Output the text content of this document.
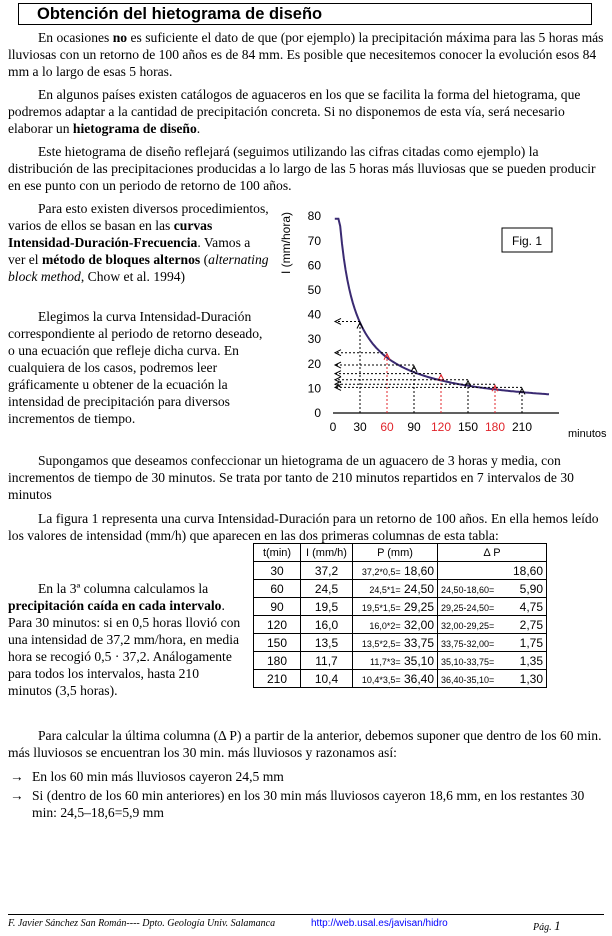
Obtención del hietograma de diseño

En ocasiones no es suficiente el dato de que (por ejemplo) la precipitación máxima para las 5 horas más lluviosas con un retorno de 100 años es de 84 mm. Es posible que necesitemos conocer la evolución esos 84 mm a lo largo de esas 5 horas.

En algunos países existen catálogos de aguaceros en los que se facilita la forma del hietograma, que podremos adaptar a la cantidad de precipitación concreta. Si no disponemos de esta vía, será necesario elaborar un hietograma de diseño.

Este hietograma de diseño reflejará (seguimos utilizando las cifras citadas como ejemplo) la distribución de las precipitaciones producidas a lo largo de las 5 horas más lluviosas que se pueden producir en ese punto con un periodo de retorno de 100 años.

Para esto existen diversos procedimientos, varios de ellos se basan en las curvas Intensidad-Duración-Frecuencia. Vamos a ver el método de bloques alternos (alternating block method, Chow et al. 1994)

Elegimos la curva Intensidad-Duración correspondiente al periodo de retorno deseado, o una ecuación que refleje dicha curva. En cualquiera de los casos, podremos leer gráficamente u obtener de la ecuación la intensidad de precipitación para diversos incrementos de tiempo.

I (mm/hora)
0
10
20
30
40
50
60
70
80
0 30 60 90 120 150 180 210
Fig. 1
minutos

Supongamos que deseamos confeccionar un hietograma de un aguacero de 3 horas y media, con incrementos de tiempo de 30 minutos. Se trata por tanto de 210 minutos repartidos en 7 intervalos de 30 minutos

La figura 1 representa una curva Intensidad-Duración para un retorno de 100 años. En ella hemos leído los valores de intensidad (mm/h) que aparecen en las dos primeras columnas de esta tabla:

En la 3ª columna calculamos la precipitación caída en cada intervalo. Para 30 minutos: si en 0,5 horas llovió con una intensidad de 37,2 mm/hora, en media hora se recogió 0,5 · 37,2. Análogamente para todos los intervalos, hasta 210 minutos (3,5 horas).

t(min)	I (mm/h)	P (mm)	Δ P
30	37,2	37,2*0,5= 18,60	18,60

60	24,5	24,5*1= 24,50	24,50-18,60= 5,90

90	19,5	19,5*1,5= 29,25	29,25-24,50= 4,75

120	16,0	16,0*2= 32,00	32,00-29,25= 2,75

150	13,5	13,5*2,5= 33,75	33,75-32,00= 1,75

180	11,7	11,7*3= 35,10	35,10-33,75= 1,35

210	10,4	10,4*3,5= 36,40	36,40-35,10= 1,30

Para calcular la última columna (Δ P) a partir de la anterior, debemos suponer que dentro de los 60 min. más lluviosos se encuentran los 30 min. más lluviosos y razonamos así:

→ En los 60 min más lluviosos cayeron 24,5 mm
→ Si (dentro de los 60 min anteriores) en los 30 min más lluviosos cayeron 18,6 mm, en los restantes 30 min: 24,5–18,6=5,9 mm
F. Javier Sánchez San Román---- Dpto. Geología Univ. Salamanca	http://web.usal.es/javisan/hidro	Pág. 1
